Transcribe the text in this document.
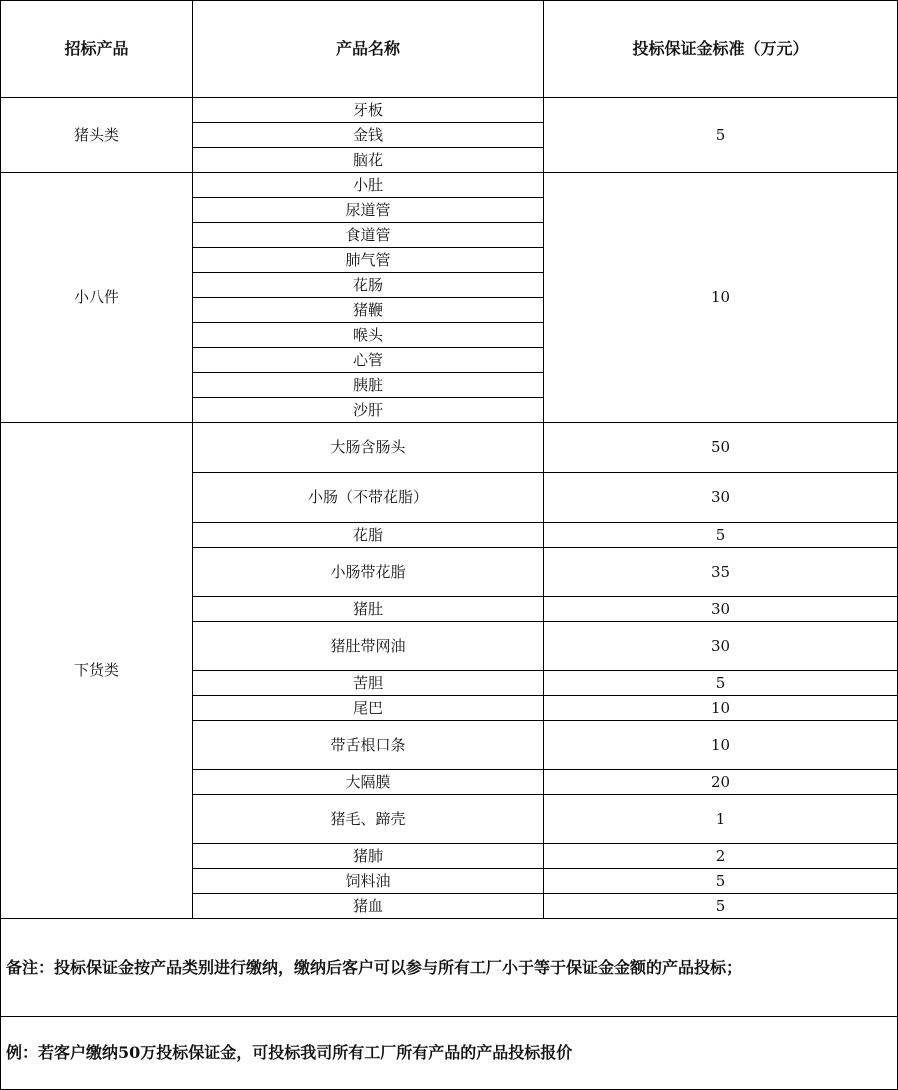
招标产品	产品名称	投标保证金标准（万元）
猪头类	牙板	5
	金钱	
	脑花	
小八件	小肚	10
	尿道管	
	食道管	
	肺气管	
	花肠	
	猪鞭	
	喉头	
	心管	
	胰脏	
	沙肝	
下货类	大肠含肠头	50
	小肠（不带花脂）	30
	花脂	5
	小肠带花脂	35
	猪肚	30
	猪肚带网油	30
	苦胆	5
	尾巴	10
	带舌根口条	10
	大隔膜	20
	猪毛、蹄壳	1
	猪肺	2
	饲料油	5
	猪血	5
备注：投标保证金按产品类别进行缴纳，缴纳后客户可以参与所有工厂小于等于保证金金额的产品投标；		
例：若客户缴纳50万投标保证金，可投标我司所有工厂所有产品的产品投标报价		
